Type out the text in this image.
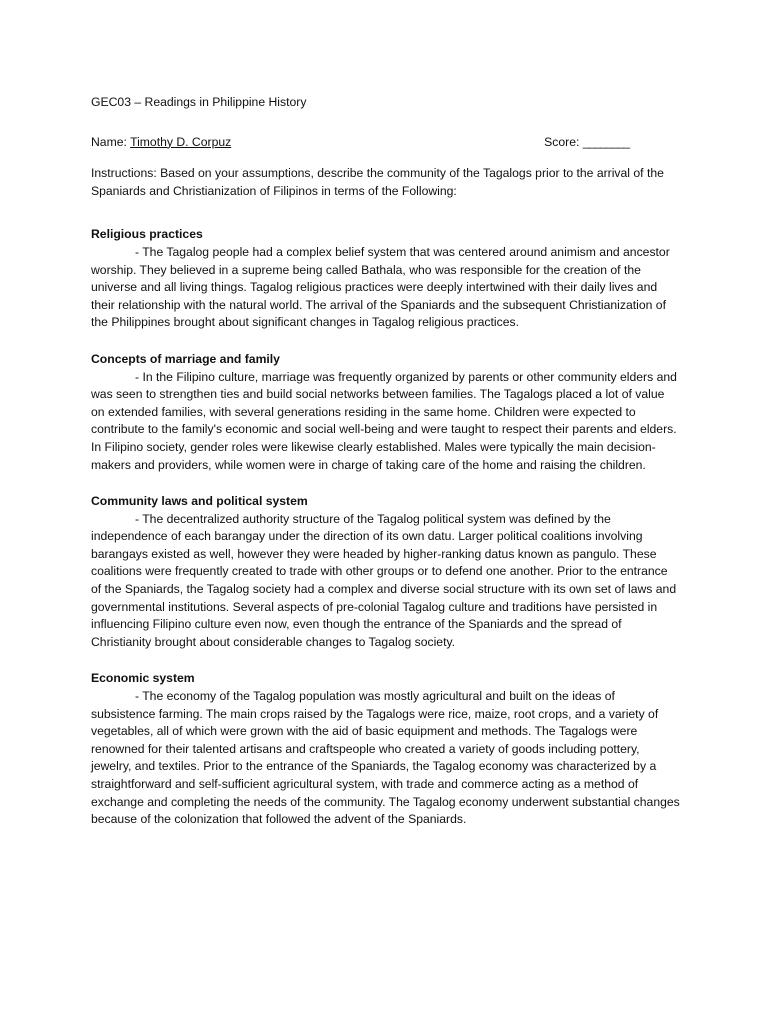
GEC03 – Readings in Philippine History

Name: Timothy D. Corpuz	Score: ________

Instructions: Based on your assumptions, describe the community of the Tagalogs prior to the arrival of the Spaniards and Christianization of Filipinos in terms of the Following:

Religious practices

- The Tagalog people had a complex belief system that was centered around animism and ancestor worship. They believed in a supreme being called Bathala, who was responsible for the creation of the universe and all living things. Tagalog religious practices were deeply intertwined with their daily lives and their relationship with the natural world. The arrival of the Spaniards and the subsequent Christianization of the Philippines brought about significant changes in Tagalog religious practices.

Concepts of marriage and family

- In the Filipino culture, marriage was frequently organized by parents or other community elders and was seen to strengthen ties and build social networks between families. The Tagalogs placed a lot of value on extended families, with several generations residing in the same home. Children were expected to contribute to the family's economic and social well-being and were taught to respect their parents and elders. In Filipino society, gender roles were likewise clearly established. Males were typically the main decision-makers and providers, while women were in charge of taking care of the home and raising the children.

Community laws and political system

- The decentralized authority structure of the Tagalog political system was defined by the independence of each barangay under the direction of its own datu. Larger political coalitions involving barangays existed as well, however they were headed by higher-ranking datus known as pangulo. These coalitions were frequently created to trade with other groups or to defend one another. Prior to the entrance of the Spaniards, the Tagalog society had a complex and diverse social structure with its own set of laws and governmental institutions. Several aspects of pre-colonial Tagalog culture and traditions have persisted in influencing Filipino culture even now, even though the entrance of the Spaniards and the spread of Christianity brought about considerable changes to Tagalog society.

Economic system

- The economy of the Tagalog population was mostly agricultural and built on the ideas of subsistence farming. The main crops raised by the Tagalogs were rice, maize, root crops, and a variety of vegetables, all of which were grown with the aid of basic equipment and methods. The Tagalogs were renowned for their talented artisans and craftspeople who created a variety of goods including pottery, jewelry, and textiles. Prior to the entrance of the Spaniards, the Tagalog economy was characterized by a straightforward and self-sufficient agricultural system, with trade and commerce acting as a method of exchange and completing the needs of the community. The Tagalog economy underwent substantial changes because of the colonization that followed the advent of the Spaniards.
